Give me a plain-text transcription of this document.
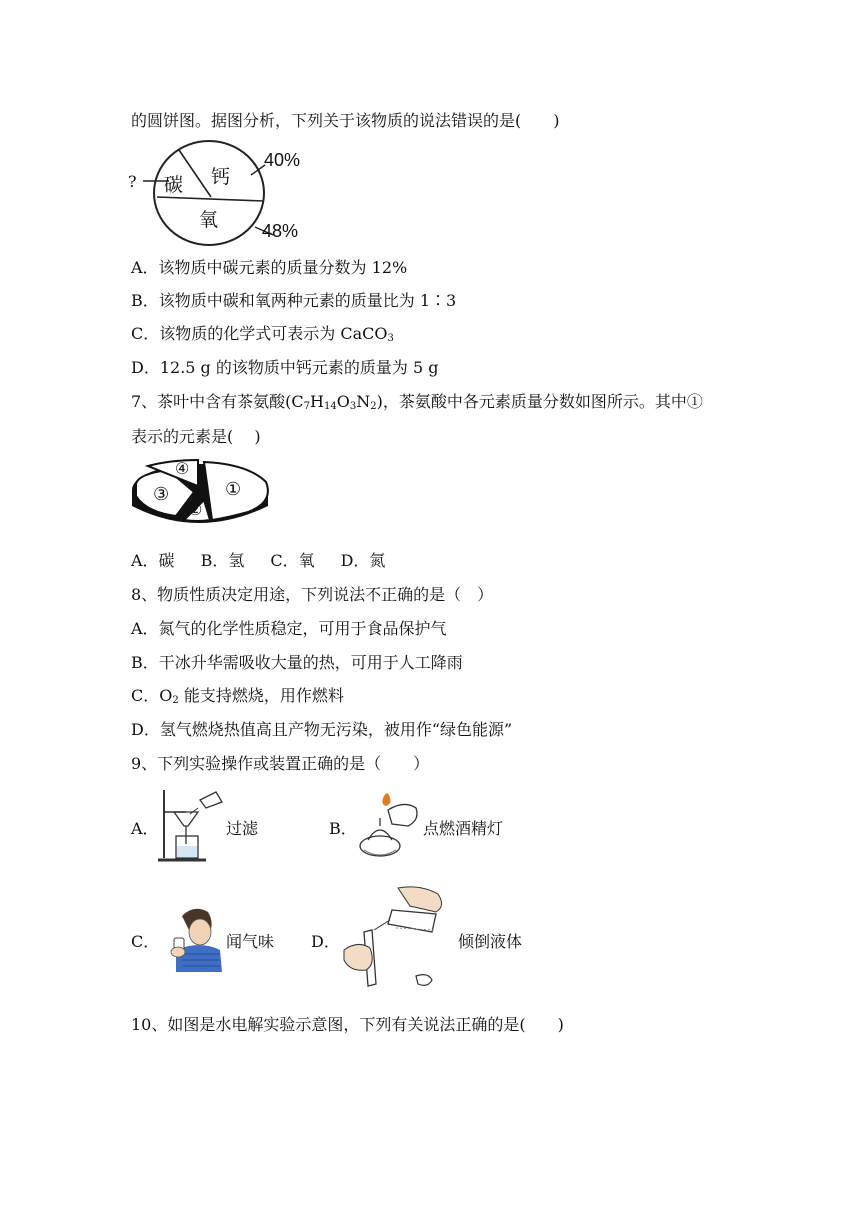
的圆饼图。据图分析，下列关于该物质的说法错误的是(　　)
? 碳 钙
氧
40%
48%
A．该物质中碳元素的质量分数为 12%
B．该物质中碳和氧两种元素的质量比为 1∶3
C．该物质的化学式可表示为 CaCO$_3$
D．12.5 g 的该物质中钙元素的质量为 5 g
7、茶叶中含有茶氨酸$(C_7H_{14}O_3N_2)$，茶氨酸中各元素质量分数如图所示。其中①
表示的元素是(　 )
④
①
③
②
A．碳 B．氢 C．氧 D．氮
8、物质性质决定用途，下列说法不正确的是（　）
A．氮气的化学性质稳定，可用于食品保护气
B．干冰升华需吸收大量的热，可用于人工降雨
C．$O_2$ 能支持燃烧，用作燃料
D．氢气燃烧热值高且产物无污染，被用作“绿色能源”
9、下列实验操作或装置正确的是（　　）
A．	过滤	B．	点燃酒精灯
C．	闻气味 D．	倾倒液体
10、如图是水电解实验示意图，下列有关说法正确的是(　　)
